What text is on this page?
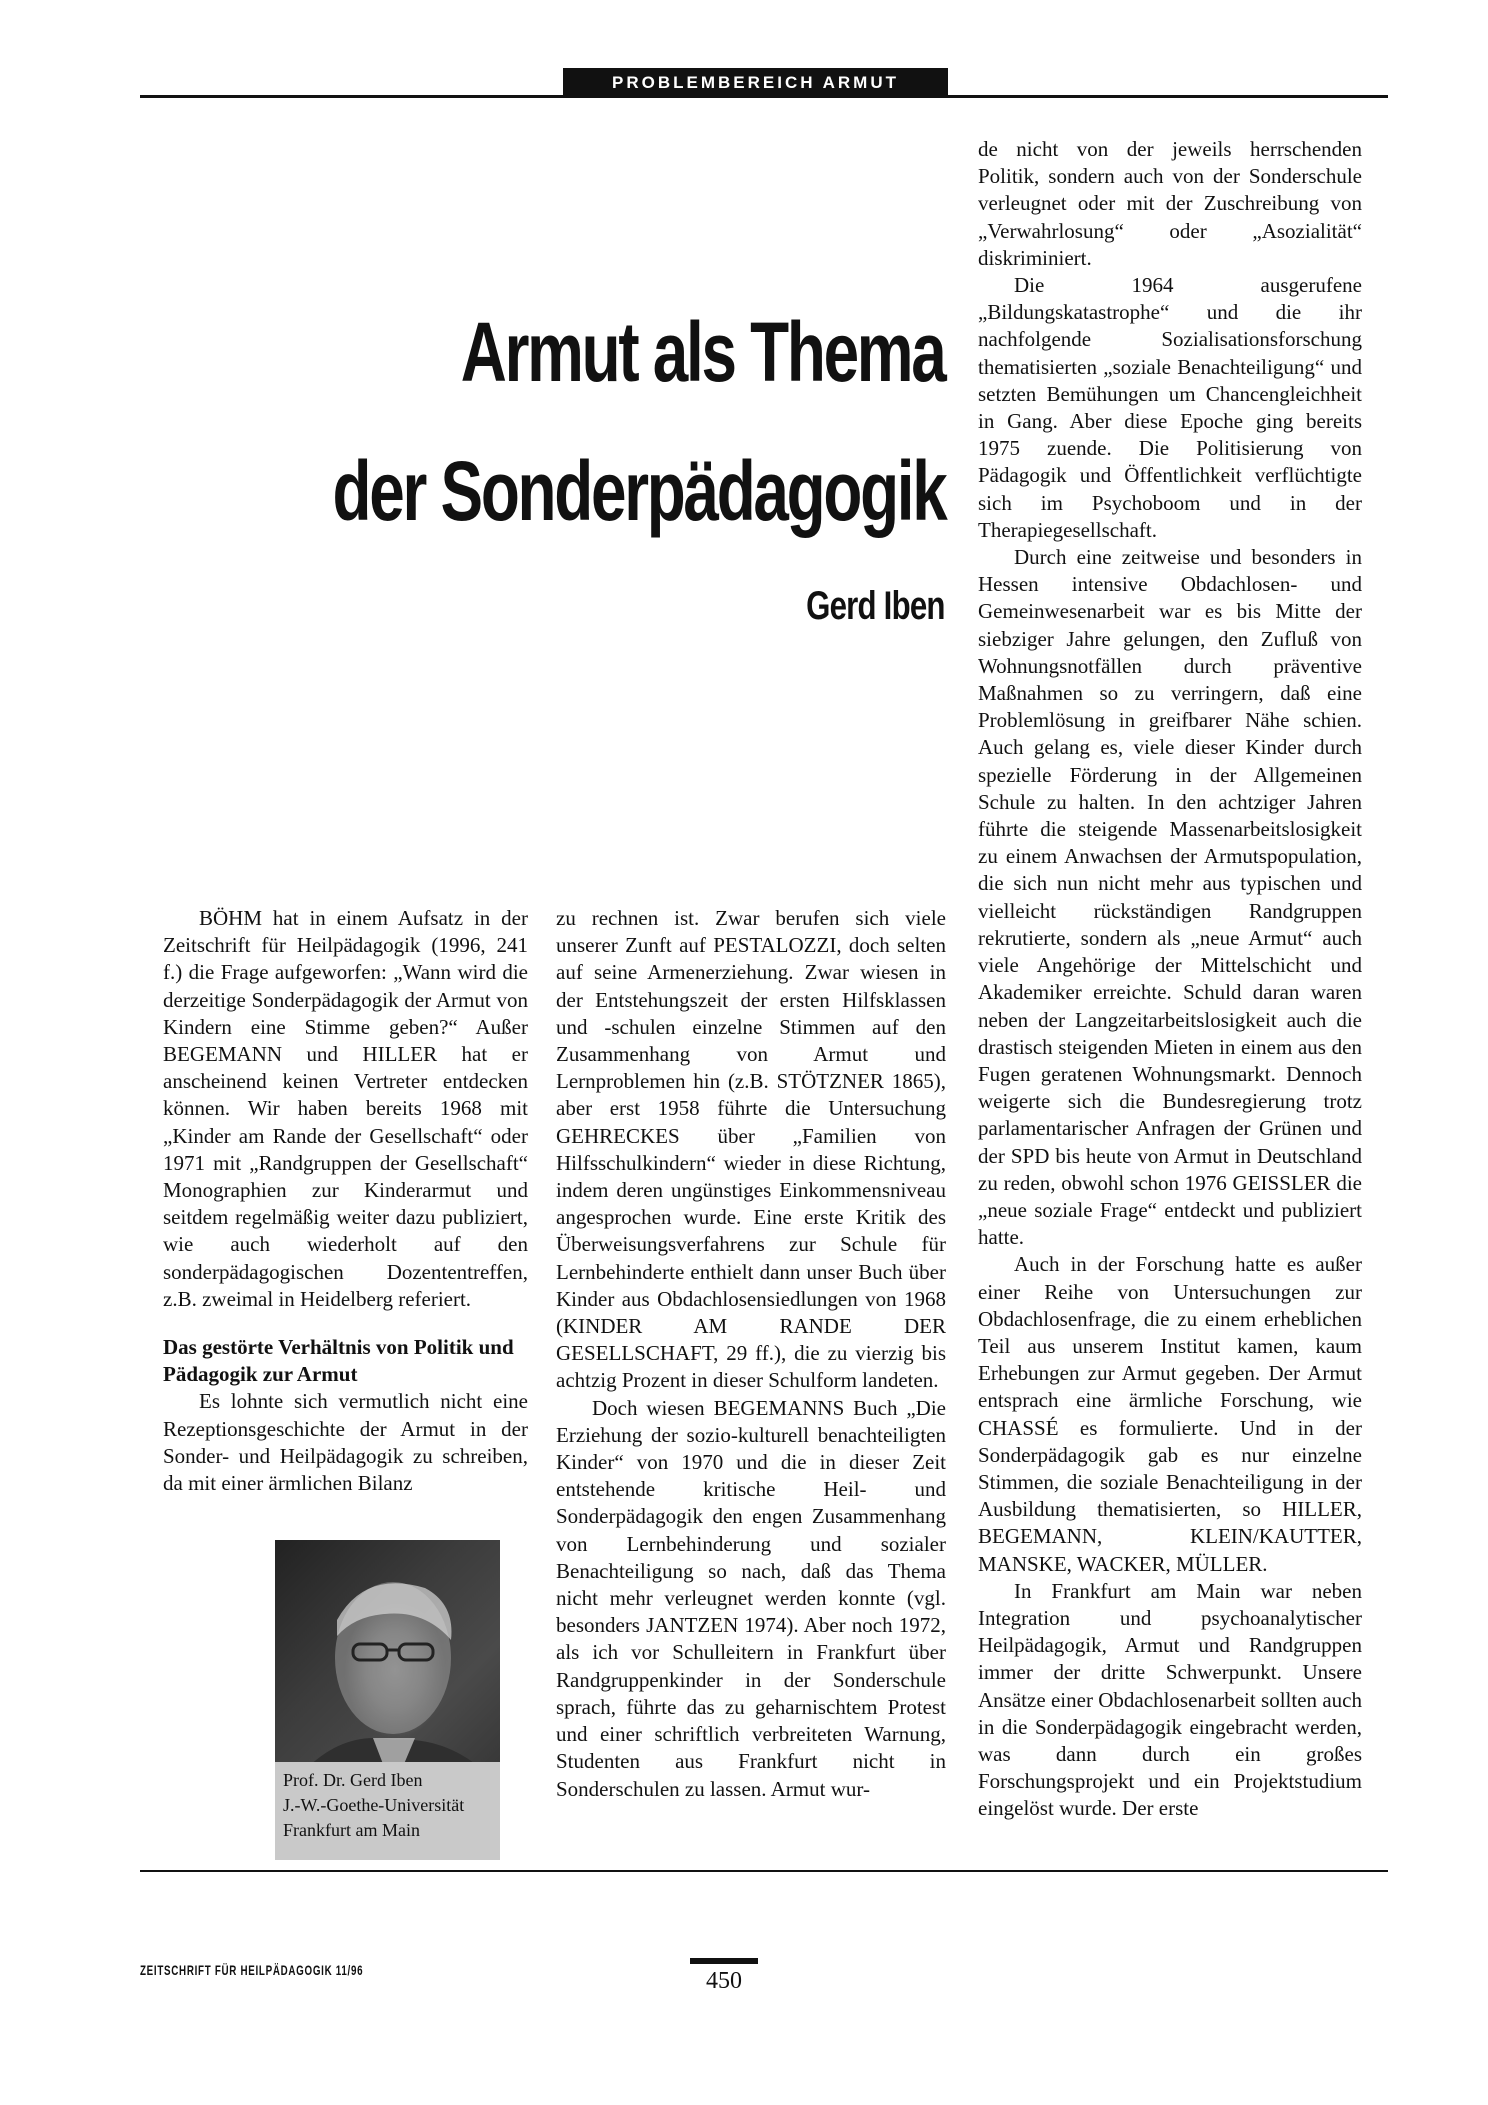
PROBLEMBEREICH ARMUT
Armut als Thema
der Sonderpädagogik
Gerd Iben

BÖHM hat in einem Aufsatz in der Zeitschrift für Heilpädagogik (1996, 241 f.) die Frage aufgeworfen: „Wann wird die derzeitige Sonderpädagogik der Armut von Kindern eine Stimme geben?“ Außer BEGEMANN und HILLER hat er anscheinend keinen Vertreter entdecken können. Wir haben bereits 1968 mit „Kinder am Rande der Gesellschaft“ oder 1971 mit „Randgruppen der Gesellschaft“ Monographien zur Kinderarmut und seitdem regelmäßig weiter dazu publiziert, wie auch wiederholt auf den sonderpädagogischen Dozententreffen, z.B. zweimal in Heidelberg referiert.

Das gestörte Verhältnis von Politik und Pädagogik zur Armut

Es lohnte sich vermutlich nicht eine Rezeptionsgeschichte der Armut in der Sonder- und Heilpädagogik zu schreiben, da mit einer ärmlichen Bilanz

zu rechnen ist. Zwar berufen sich viele unserer Zunft auf PESTALOZZI, doch selten auf seine Armenerziehung. Zwar wiesen in der Entstehungszeit der ersten Hilfsklassen und -schulen einzelne Stimmen auf den Zusammenhang von Armut und Lernproblemen hin (z.B. STÖTZNER 1865), aber erst 1958 führte die Untersuchung GEHRECKES über „Familien von Hilfsschulkindern“ wieder in diese Richtung, indem deren ungünstiges Einkommensniveau angesprochen wurde. Eine erste Kritik des Überweisungsverfahrens zur Schule für Lernbehinderte enthielt dann unser Buch über Kinder aus Obdachlosensiedlungen von 1968 (KINDER AM RANDE DER GESELLSCHAFT, 29 ff.), die zu vierzig bis achtzig Prozent in dieser Schulform landeten.

Doch wiesen BEGEMANNS Buch „Die Erziehung der sozio-kulturell benachteiligten Kinder“ von 1970 und die in dieser Zeit entstehende kritische Heil- und Sonderpädagogik den engen Zusammenhang von Lernbehinderung und sozialer Benachteiligung so nach, daß das Thema nicht mehr verleugnet werden konnte (vgl. besonders JANTZEN 1974). Aber noch 1972, als ich vor Schulleitern in Frankfurt über Randgruppenkinder in der Sonderschule sprach, führte das zu geharnischtem Protest und einer schriftlich verbreiteten Warnung, Studenten aus Frankfurt nicht in Sonderschulen zu lassen. Armut wur-

de nicht von der jeweils herrschenden Politik, sondern auch von der Sonderschule verleugnet oder mit der Zuschreibung von „Verwahrlosung“ oder „Asozialität“ diskriminiert.

Die 1964 ausgerufene „Bildungskatastrophe“ und die ihr nachfolgende Sozialisationsforschung thematisierten „soziale Benachteiligung“ und setzten Bemühungen um Chancengleichheit in Gang. Aber diese Epoche ging bereits 1975 zuende. Die Politisierung von Pädagogik und Öffentlichkeit verflüchtigte sich im Psychoboom und in der Therapiegesellschaft.

Durch eine zeitweise und besonders in Hessen intensive Obdachlosen- und Gemeinwesenarbeit war es bis Mitte der siebziger Jahre gelungen, den Zufluß von Wohnungsnotfällen durch präventive Maßnahmen so zu verringern, daß eine Problemlösung in greifbarer Nähe schien. Auch gelang es, viele dieser Kinder durch spezielle Förderung in der Allgemeinen Schule zu halten. In den achtziger Jahren führte die steigende Massenarbeitslosigkeit zu einem Anwachsen der Armutspopulation, die sich nun nicht mehr aus typischen und vielleicht rückständigen Randgruppen rekrutierte, sondern als „neue Armut“ auch viele Angehörige der Mittelschicht und Akademiker erreichte. Schuld daran waren neben der Langzeitarbeitslosigkeit auch die drastisch steigenden Mieten in einem aus den Fugen geratenen Wohnungsmarkt. Dennoch weigerte sich die Bundesregierung trotz parlamentarischer Anfragen der Grünen und der SPD bis heute von Armut in Deutschland zu reden, obwohl schon 1976 GEISSLER die „neue soziale Frage“ entdeckt und publiziert hatte.

Auch in der Forschung hatte es außer einer Reihe von Untersuchungen zur Obdachlosenfrage, die zu einem erheblichen Teil aus unserem Institut kamen, kaum Erhebungen zur Armut gegeben. Der Armut entsprach eine ärmliche Forschung, wie CHASSÉ es formulierte. Und in der Sonderpädagogik gab es nur einzelne Stimmen, die soziale Benachteiligung in der Ausbildung thematisierten, so HILLER, BEGEMANN, KLEIN/KAUTTER, MANSKE, WACKER, MÜLLER.

In Frankfurt am Main war neben Integration und psychoanalytischer Heilpädagogik, Armut und Randgruppen immer der dritte Schwerpunkt. Unsere Ansätze einer Obdachlosenarbeit sollten auch in die Sonderpädagogik eingebracht werden, was dann durch ein großes Forschungsprojekt und ein Projektstudium eingelöst wurde. Der erste

Prof. Dr. Gerd Iben
J.-W.-Goethe-Universität
Frankfurt am Main
ZEITSCHRIFT FÜR HEILPÄDAGOGIK 11/96	450
